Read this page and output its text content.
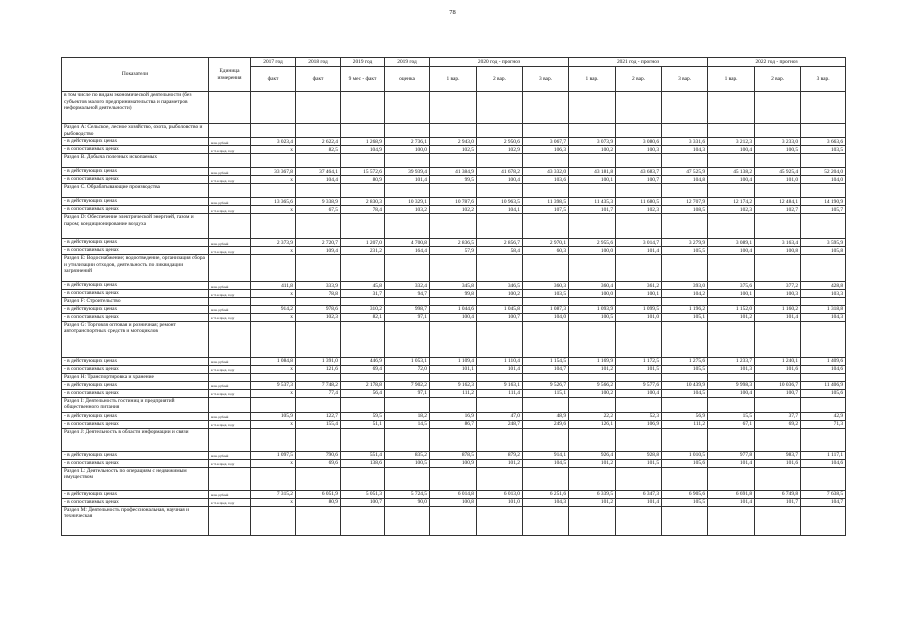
78
Показатели	Единица измерения	2017 год	2018 год	2019 год	2019 год	2020 год - прогноз			2021 год - прогноз			2022 год - прогноз		
		факт	факт	9 мес - факт	оценка	1 вар.	2 вар.	3 вар.	1 вар.	2 вар.	3 вар.	1 вар.	2 вар.	3 вар.
в том числе по видам экономической деятельности (без субъектов малого предпринимательства и параметров неформальной деятельности)														
Раздел А: Сельское, лесное хозяйство, охота, рыболовство и рыбоводство														
- в действующих ценах	млн. рублей	3 023,4	2 622,4	1 268,9	2 736,1	2 943,0	2 950,6	3 067,7	3 073,9	3 080,6	3 331,6	3 212,3	3 233,0	3 663,6
- в сопоставимых ценах	в % к пред. году	x	82,5	104,9	100,0	102,5	102,9	106,3	100,2	100,3	104,3	100,4	100,5	103,5
Раздел В. Добыча полезных ископаемых														
- в действующих ценах	млн. рублей	33 367,8	37 464,1	15 572,6	39 939,4	41 384,9	41 678,2	43 332,0	43 181,8	43 683,7	47 525,9	45 138,2	45 925,4	52 204,0
- в сопоставимых ценах	в % к пред. году	x	104,4	80,9	101,4	99,5	100,4	103,6	100,1	100,7	104,8	100,4	101,0	104,0
Раздел С. Обрабатывающие производства														
- в действующих ценах	млн. рублей	13 365,6	9 338,9	2 830,3	10 329,1	10 787,6	10 963,5	11 398,5	11 435,3	11 680,5	12 707,9	12 174,2	12 484,1	14 190,9
- в сопоставимых ценах	в % к пред. году	x	67,5	78,4	103,2	102,2	104,1	107,5	101,7	102,3	108,5	102,3	102,7	105,7
Раздел D: Обеспечение электрической энергией, газом и паром; кондиционирование воздуха														
- в действующих ценах	млн. рублей	2 373,9	2 720,7	1 207,0	4 700,8	2 836,5	2 856,7	2 970,1	2 955,6	3 014,7	3 279,9	3 089,1	3 163,4	3 595,9
- в сопоставимых ценах	в % к пред. году	x	109,4	231,2	164,4	57,9	58,4	60,3	100,0	101,4	105,5	100,4	100,8	105,8
Раздел Е: Водоснабжение; водоотведение, организация сбора и утилизации отходов, деятельность по ликвидации загрязнений														
- в действующих ценах	млн. рублей	411,8	333,9	45,8	332,4	345,8	346,5	360,3	360,4	361,2	393,0	375,6	377,2	428,8
- в сопоставимых ценах	в % к пред. году	x	78,8	31,7	94,7	99,8	100,2	103,5	100,0	100,1	104,2	100,1	100,3	103,3
Раздел F: Строительство														
- в действующих ценах	млн. рублей	914,2	978,6	310,2	998,7	1 044,6	1 045,8	1 087,3	1 093,9	1 099,5	1 196,2	1 152,0	1 160,2	1 318,8
- в сопоставимых ценах	в % к пред. году	x	102,3	82,1	97,1	100,4	100,7	104,0	100,5	101,0	105,1	101,2	101,4	104,3
Раздел G: Торговля оптовая и розничная; ремонт автотранспортных средств и мотоциклов														
- в действующих ценах	млн. рублей	1 084,8	1 391,0	446,9	1 053,1	1 109,4	1 110,4	1 154,5	1 169,9	1 172,5	1 275,6	1 233,7	1 240,1	1 409,6
- в сопоставимых ценах	в % к пред. году	x	121,6	69,4	72,0	101,1	101,4	104,7	101,2	101,5	105,5	101,3	101,6	104,6
Раздел H: Транспортировка и хранение														
- в действующих ценах	млн. рублей	9 537,3	7 748,2	2 178,8	7 902,2	9 162,3	9 163,1	9 526,7	9 566,2	9 577,6	10 439,9	9 998,3	10 036,7	11 406,9
- в сопоставимых ценах	в % к пред. году	x	77,4	56,4	97,1	111,2	111,4	115,1	100,2	100,4	104,5	100,4	100,7	105,6
Раздел I: Деятельность гостиниц и предприятий общественного питания														
- в действующих ценах	млн. рублей	105,9	122,7	59,5	18,2	16,9	47,0	48,9	22,2	52,3	56,9	15,5	37,7	42,9
- в сопоставимых ценах	в % к пред. году	x	155,4	51,1	14,5	86,7	248,7	249,6	126,1	106,9	111,2	67,1	69,2	71,3
Раздел J: Деятельность в области информации и связи														
- в действующих ценах	млн. рублей	1 097,5	790,6	551,4	835,2	878,5	879,2	914,1	926,4	928,8	1 010,5	977,8	983,7	1 117,1
- в сопоставимых ценах	в % к пред. году	x	69,6	138,6	100,5	100,9	101,2	104,5	101,2	101,5	105,6	101,4	101,6	104,6
Раздел L: Деятельность по операциям с недвижимым имуществом														
- в действующих ценах	млн. рублей	7 315,2	6 051,9	5 051,3	5 724,5	6 014,8	6 013,0	6 251,6	6 339,5	6 347,3	6 905,6	6 691,8	6 749,8	7 638,5
- в сопоставимых ценах	в % к пред. году	x	80,9	100,7	90,0	100,8	101,0	104,3	101,2	101,4	105,5	101,4	101,7	104,7
Раздел M: Деятельность профессиональная, научная и техническая														
